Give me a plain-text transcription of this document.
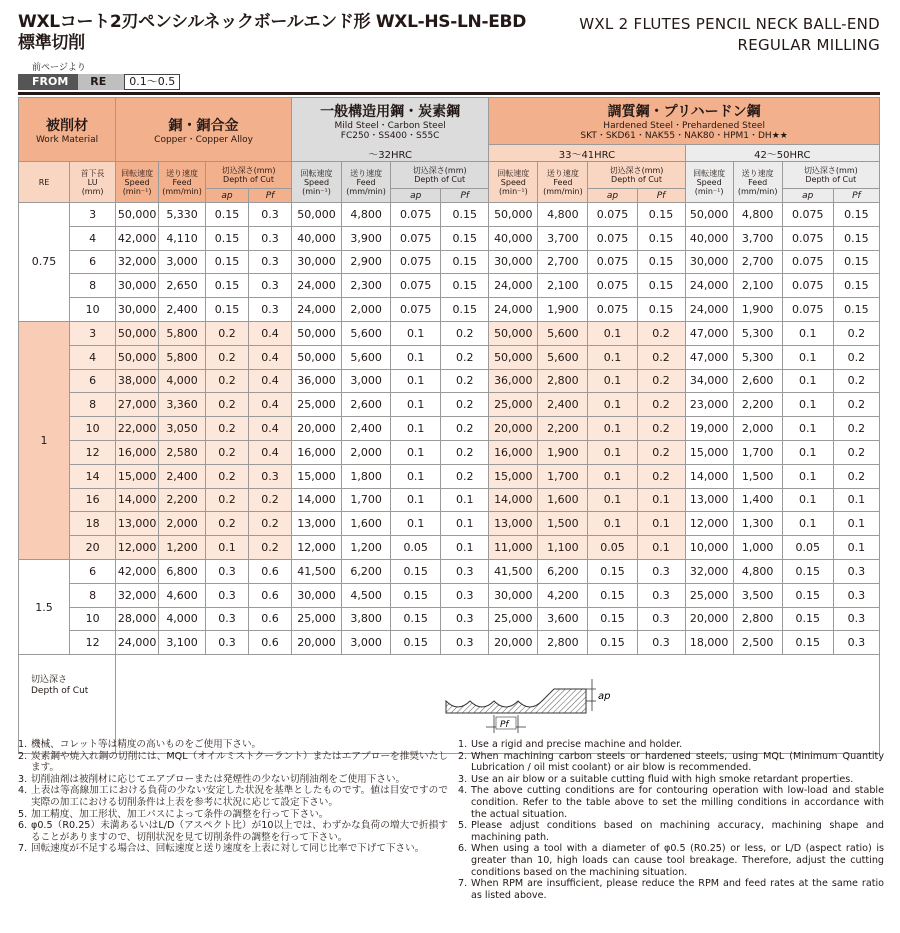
WXLコート2刃ペンシルネックボールエンド形 WXL-HS-LN-EBD
標準切削
WXL 2 FLUTES PENCIL NECK BALL-END
REGULAR MILLING
前ページより
FROM	RE	0.1～0.5
被削材
Work Material		銅・銅合金
Copper・Copper Alloy				一般構造用鋼・炭素鋼
Mild Steel・Carbon Steel
FC250・SS400・S55C
～32HRC				調質鋼・プリハードン鋼
Hardened Steel・Prehardened Steel
SKT・SKD61・NAK55・NAK80・HPM1・DH★★							

										33～41HRC				42～50HRC			
RE	首下長
LU
(mm)	回転速度
Speed
(min⁻¹)	送り速度
Feed
(mm/min)	切込深さ(mm)
Depth of Cut		回転速度
Speed
(min⁻¹)	送り速度
Feed
(mm/min)	切込深さ(mm)
Depth of Cut		回転速度
Speed
(min⁻¹)	送り速度
Feed
(mm/min)	切込深さ(mm)
Depth of Cut		回転速度
Speed
(min⁻¹)	送り速度
Feed
(mm/min)	切込深さ(mm)
Depth of Cut	

				ap	Pf			ap	Pf			ap	Pf			ap	Pf
0.75	3	50,000	5,330	0.15	0.3	50,000	4,800	0.075	0.15	50,000	4,800	0.075	0.15	50,000	4,800	0.075	0.15
	4	42,000	4,110	0.15	0.3	40,000	3,900	0.075	0.15	40,000	3,700	0.075	0.15	40,000	3,700	0.075	0.15
	6	32,000	3,000	0.15	0.3	30,000	2,900	0.075	0.15	30,000	2,700	0.075	0.15	30,000	2,700	0.075	0.15
	8	30,000	2,650	0.15	0.3	24,000	2,300	0.075	0.15	24,000	2,100	0.075	0.15	24,000	2,100	0.075	0.15
	10	30,000	2,400	0.15	0.3	24,000	2,000	0.075	0.15	24,000	1,900	0.075	0.15	24,000	1,900	0.075	0.15
1	3	50,000	5,800	0.2	0.4	50,000	5,600	0.1	0.2	50,000	5,600	0.1	0.2	47,000	5,300	0.1	0.2
	4	50,000	5,800	0.2	0.4	50,000	5,600	0.1	0.2	50,000	5,600	0.1	0.2	47,000	5,300	0.1	0.2
	6	38,000	4,000	0.2	0.4	36,000	3,000	0.1	0.2	36,000	2,800	0.1	0.2	34,000	2,600	0.1	0.2
	8	27,000	3,360	0.2	0.4	25,000	2,600	0.1	0.2	25,000	2,400	0.1	0.2	23,000	2,200	0.1	0.2
	10	22,000	3,050	0.2	0.4	20,000	2,400	0.1	0.2	20,000	2,200	0.1	0.2	19,000	2,000	0.1	0.2
	12	16,000	2,580	0.2	0.4	16,000	2,000	0.1	0.2	16,000	1,900	0.1	0.2	15,000	1,700	0.1	0.2
	14	15,000	2,400	0.2	0.3	15,000	1,800	0.1	0.2	15,000	1,700	0.1	0.2	14,000	1,500	0.1	0.2
	16	14,000	2,200	0.2	0.2	14,000	1,700	0.1	0.1	14,000	1,600	0.1	0.1	13,000	1,400	0.1	0.1
	18	13,000	2,000	0.2	0.2	13,000	1,600	0.1	0.1	13,000	1,500	0.1	0.1	12,000	1,300	0.1	0.1
	20	12,000	1,200	0.1	0.2	12,000	1,200	0.05	0.1	11,000	1,100	0.05	0.1	10,000	1,000	0.05	0.1
1.5	6	42,000	6,800	0.3	0.6	41,500	6,200	0.15	0.3	41,500	6,200	0.15	0.3	32,000	4,800	0.15	0.3
	8	32,000	4,600	0.3	0.6	30,000	4,500	0.15	0.3	30,000	4,200	0.15	0.3	25,000	3,500	0.15	0.3
	10	28,000	4,000	0.3	0.6	25,000	3,800	0.15	0.3	25,000	3,600	0.15	0.3	20,000	2,800	0.15	0.3
	12	24,000	3,100	0.3	0.6	20,000	3,000	0.15	0.3	20,000	2,800	0.15	0.3	18,000	2,500	0.15	0.3

切込深さ
Depth of Cut		ap
Pf															
1. 機械、コレット等は精度の高いものをご使用下さい。
2. 炭素鋼や焼入れ鋼の切削には、MQL（オイルミストクーラント）またはエアブローを推奨いたします。
3. 切削油剤は被削材に応じてエアブローまたは発煙性の少ない切削油剤をご使用下さい。
4. 上表は等高線加工における負荷の少ない安定した状況を基準としたものです。値は目安ですので実際の加工における切削条件は上表を参考に状況に応じて設定下さい。
5. 加工精度、加工形状、加工パスによって条件の調整を行って下さい。
6. φ0.5（R0.25）未満あるいはL/D（アスペクト比）が10以上では、わずかな負荷の増大で折損することがありますので、切削状況を見て切削条件の調整を行って下さい。
7. 回転速度が不足する場合は、回転速度と送り速度を上表に対して同じ比率で下げて下さい。
1. Use a rigid and precise machine and holder.
2. When machining carbon steels or hardened steels, using MQL (Minimum Quantity Lubrication / oil mist coolant) or air blow is recommended.
3. Use an air blow or a suitable cutting fluid with high smoke retardant properties.
4. The above cutting conditions are for contouring operation with low-load and stable condition. Refer to the table above to set the milling conditions in accordance with the actual situation.
5. Please adjust conditions based on machining accuracy, machining shape and machining path.
6. When using a tool with a diameter of φ0.5 (R0.25) or less, or L/D (aspect ratio) is greater than 10, high loads can cause tool breakage. Therefore, adjust the cutting conditions based on the machining situation.
7. When RPM are insufficient, please reduce the RPM and feed rates at the same ratio as listed above.
